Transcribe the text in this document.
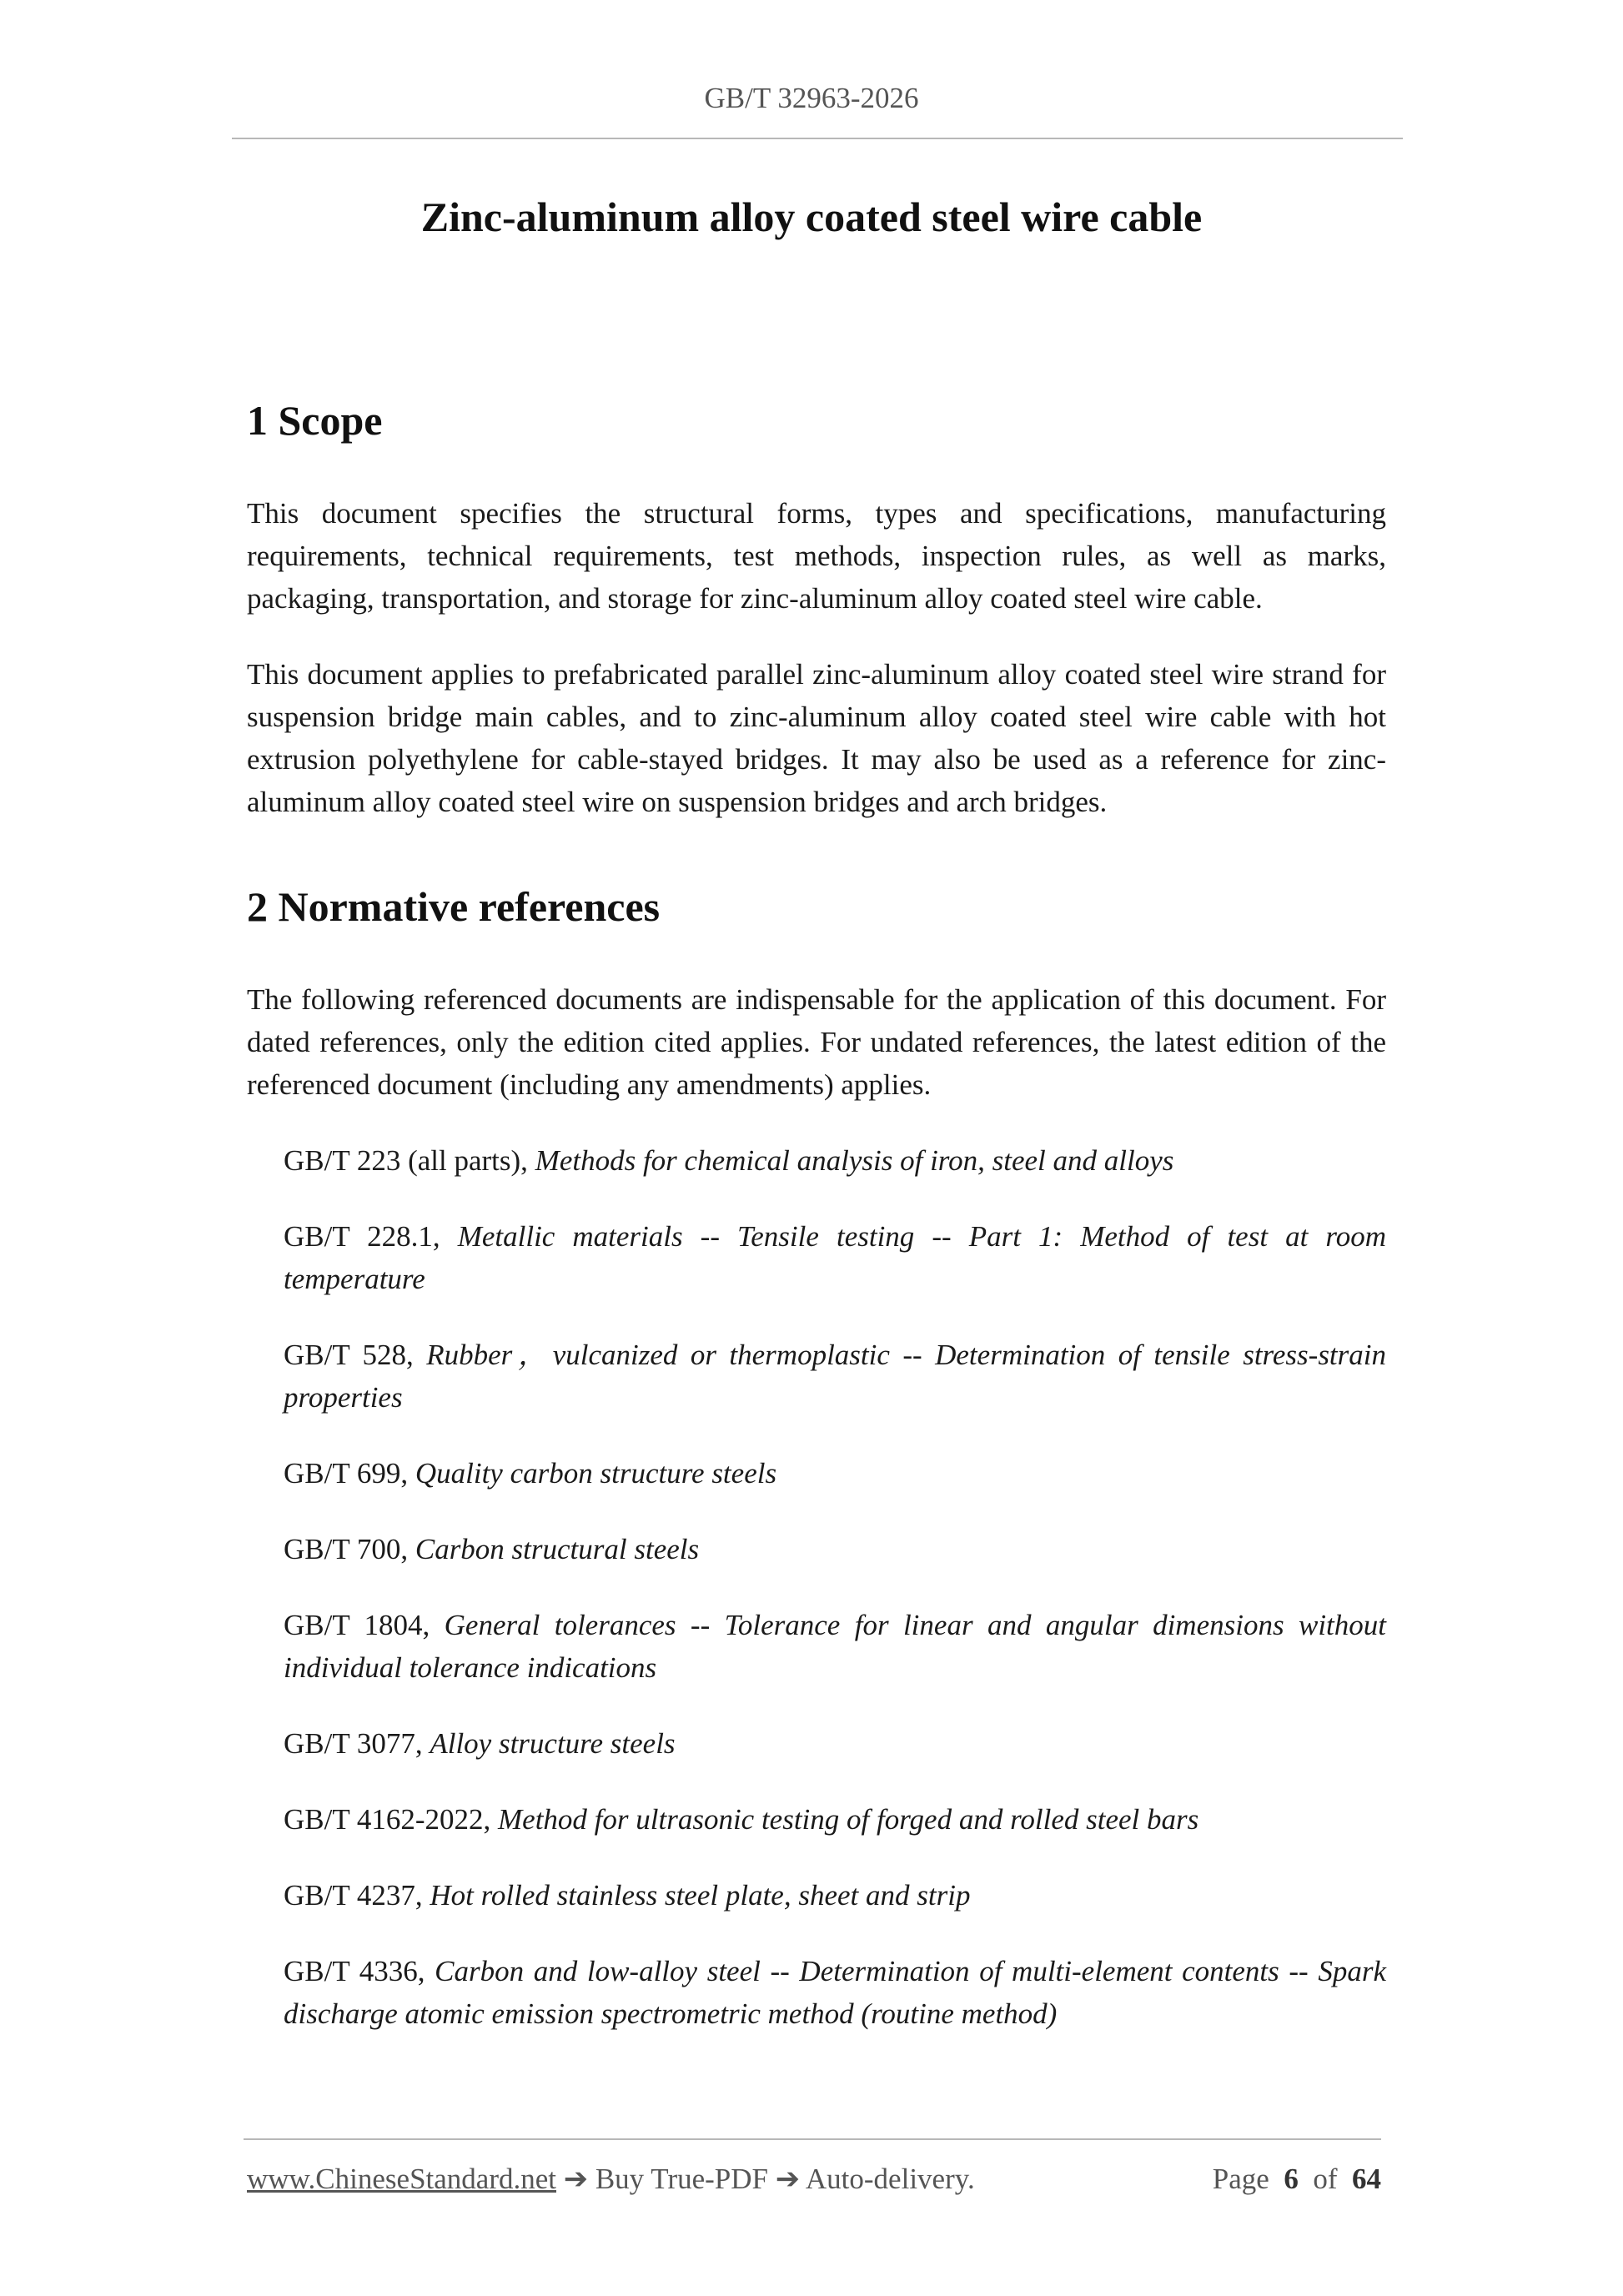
GB/T 32963-2026
Zinc-aluminum alloy coated steel wire cable
1 Scope

This document specifies the structural forms, types and specifications, manufacturing requirements, technical requirements, test methods, inspection rules, as well as marks, packaging, transportation, and storage for zinc-aluminum alloy coated steel wire cable.

This document applies to prefabricated parallel zinc-aluminum alloy coated steel wire strand for suspension bridge main cables, and to zinc-aluminum alloy coated steel wire cable with hot extrusion polyethylene for cable-stayed bridges. It may also be used as a reference for zinc-aluminum alloy coated steel wire on suspension bridges and arch bridges.

2 Normative references

The following referenced documents are indispensable for the application of this document. For dated references, only the edition cited applies. For undated references, the latest edition of the referenced document (including any amendments) applies.

GB/T 223 (all parts), Methods for chemical analysis of iron, steel and alloys

GB/T 228.1, Metallic materials -- Tensile testing -- Part 1: Method of test at room temperature

GB/T 528, Rubber，vulcanized or thermoplastic -- Determination of tensile stress-strain properties

GB/T 699, Quality carbon structure steels

GB/T 700, Carbon structural steels

GB/T 1804, General tolerances -- Tolerance for linear and angular dimensions without individual tolerance indications

GB/T 3077, Alloy structure steels

GB/T 4162-2022, Method for ultrasonic testing of forged and rolled steel bars

GB/T 4237, Hot rolled stainless steel plate, sheet and strip

GB/T 4336, Carbon and low-alloy steel -- Determination of multi-element contents -- Spark discharge atomic emission spectrometric method (routine method)

www.ChineseStandard.net ➔ Buy True-PDF ➔ Auto-delivery.	Page 6 of 64
